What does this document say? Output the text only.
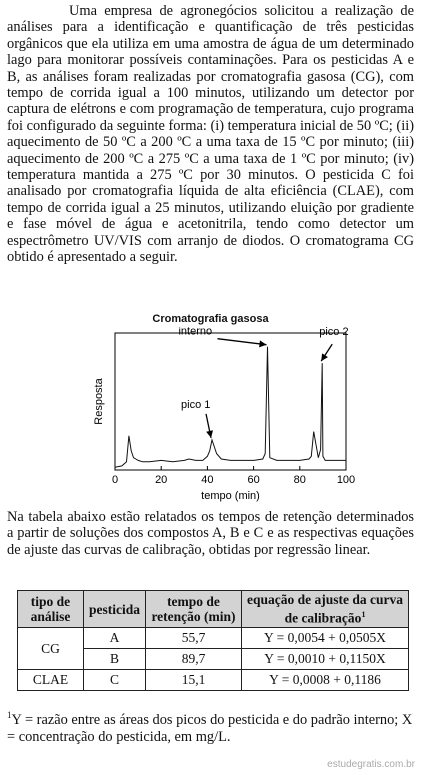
Uma empresa de agronegócios solicitou a realização de análises para a identificação e quantificação de três pesticidas orgânicos que ela utiliza em uma amostra de água de um determinado lago para monitorar possíveis contaminações. Para os pesticidas A e B, as análises foram realizadas por cromatografia gasosa (CG), com tempo de corrida igual a 100 minutos, utilizando um detector por captura de elétrons e com programação de temperatura, cujo programa foi configurado da seguinte forma: (i) temperatura inicial de 50 ºC; (ii) aquecimento de 50 ºC a 200 ºC a uma taxa de 15 ºC por minuto; (iii) aquecimento de 200 ºC a 275 ºC a uma taxa de 1 ºC por minuto; (iv) temperatura mantida a 275 ºC por 30 minutos. O pesticida C foi analisado por cromatografia líquida de alta eficiência (CLAE), com tempo de corrida igual a 25 minutos, utilizando eluição por gradiente e fase móvel de água e acetonitrila, tendo como detector um espectrômetro UV/VIS com arranjo de diodos. O cromatograma CG obtido é apresentado a seguir.

Cromatografia gasosa
0	20	40	60	80	100
tempo (min)
Resposta	pico 1
interno	pico 2

Na tabela abaixo estão relatados os tempos de retenção determinados a partir de soluções dos compostos A, B e C e as respectivas equações de ajuste das curvas de calibração, obtidas por regressão linear.

tipo de análise	pesticida	tempo de retenção (min)	equação de ajuste da curva de calibração$^1$
CG	A	55,7	Y = 0,0054 + 0,0505X
	B	89,7	Y = 0,0010 + 0,1150X
CLAE	C	15,1	Y = 0,0008 + 0,1186

$^1$Y = razão entre as áreas dos picos do pesticida e do padrão interno; X = concentração do pesticida, em mg/L.

estudegratis.com.br
